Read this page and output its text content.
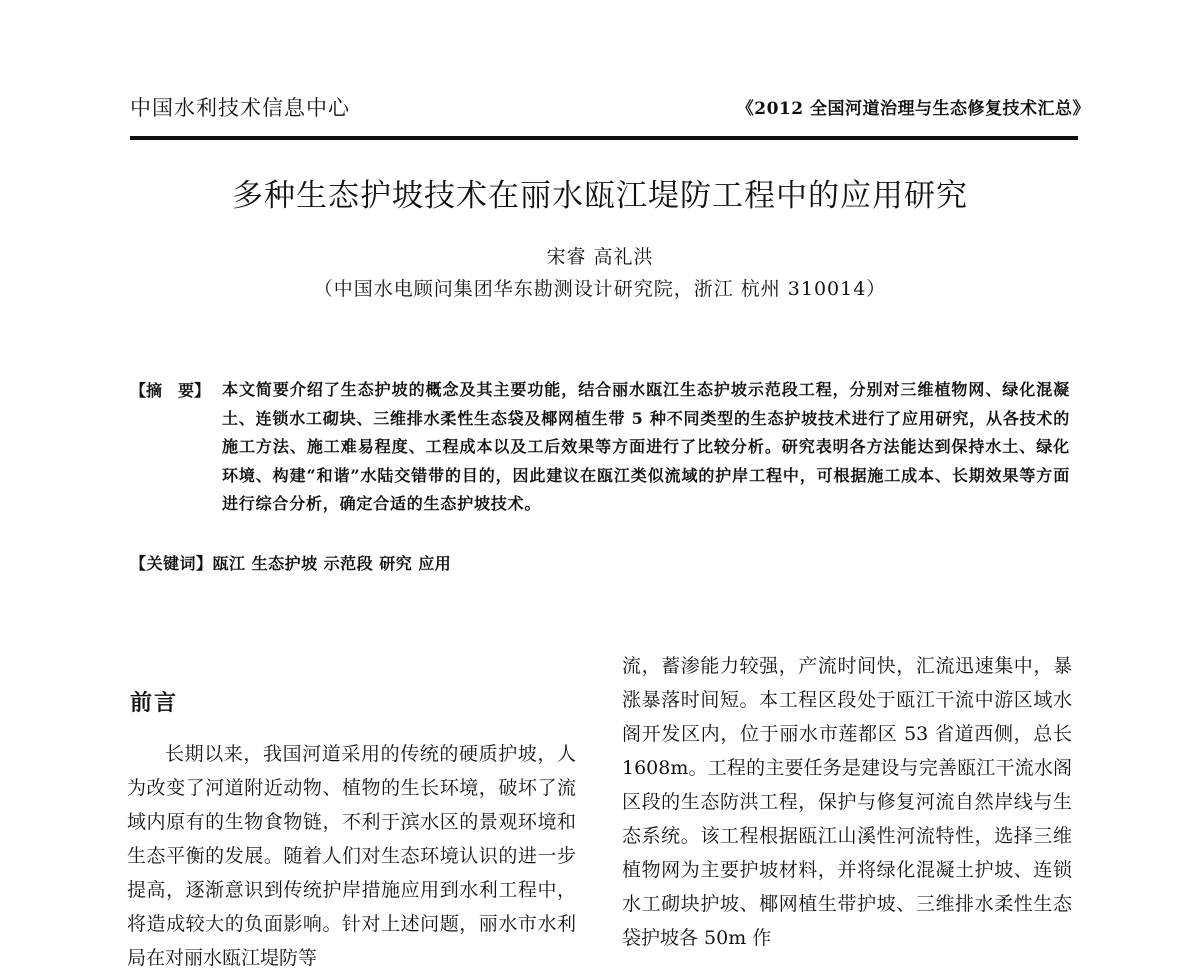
中国水利技术信息中心	《2012 全国河道治理与生态修复技术汇总》
多种生态护坡技术在丽水瓯江堤防工程中的应用研究
宋睿 高礼洪
（中国水电顾问集团华东勘测设计研究院，浙江 杭州 310014）
【摘　要】 本文简要介绍了生态护坡的概念及其主要功能，结合丽水瓯江生态护坡示范段工程，分别对三维植物网、绿化混凝土、连锁水工砌块、三维排水柔性生态袋及椰网植生带 5 种不同类型的生态护坡技术进行了应用研究，从各技术的施工方法、施工难易程度、工程成本以及工后效果等方面进行了比较分析。研究表明各方法能达到保持水土、绿化环境、构建“和谐”水陆交错带的目的，因此建议在瓯江类似流域的护岸工程中，可根据施工成本、长期效果等方面进行综合分析，确定合适的生态护坡技术。
【关键词】瓯江 生态护坡 示范段 研究 应用
前言
长期以来，我国河道采用的传统的硬质护坡，人为改变了河道附近动物、植物的生长环境，破坏了流域内原有的生物食物链，不利于滨水区的景观环境和生态平衡的发展。随着人们对生态环境认识的进一步提高，逐渐意识到传统护岸措施应用到水利工程中，将造成较大的负面影响。针对上述问题，丽水市水利局在对丽水瓯江堤防等
流，蓄渗能力较强，产流时间快，汇流迅速集中，暴涨暴落时间短。本工程区段处于瓯江干流中游区域水阁开发区内，位于丽水市莲都区 53 省道西侧，总长 1608m。工程的主要任务是建设与完善瓯江干流水阁区段的生态防洪工程，保护与修复河流自然岸线与生态系统。该工程根据瓯江山溪性河流特性，选择三维植物网为主要护坡材料，并将绿化混凝土护坡、连锁水工砌块护坡、椰网植生带护坡、三维排水柔性生态袋护坡各 50m 作
